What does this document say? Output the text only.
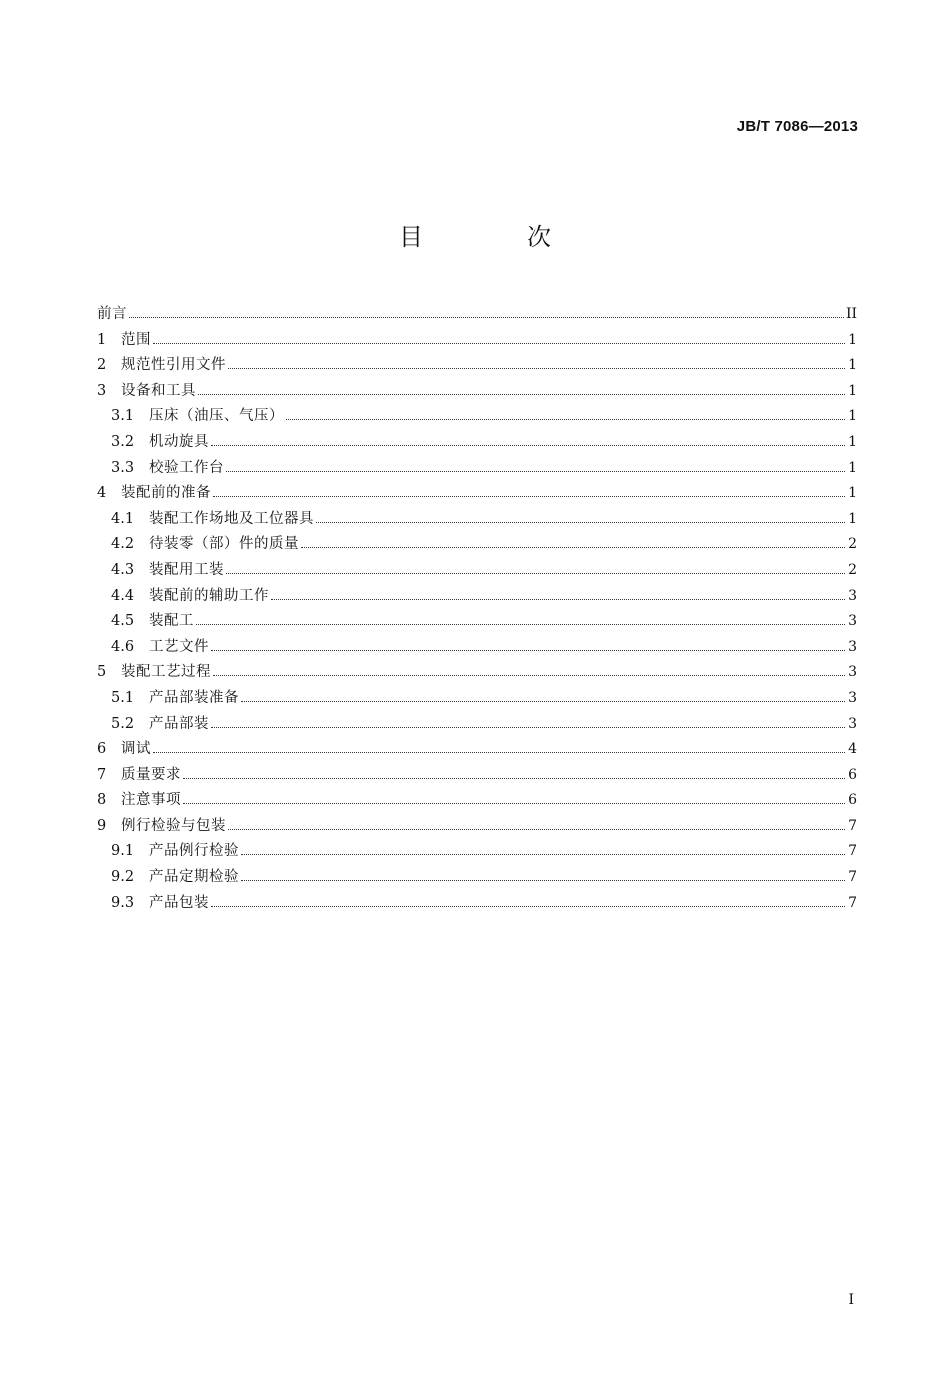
JB/T 7086—2013
目　次
前言	II
1	范围	1
2	规范性引用文件	1
3	设备和工具	1
3.1	压床（油压、气压）	1
3.2	机动旋具	1
3.3	校验工作台	1
4	装配前的准备	1
4.1	装配工作场地及工位器具	1
4.2	待装零（部）件的质量	2
4.3	装配用工装	2
4.4	装配前的辅助工作	3
4.5	装配工	3
4.6	工艺文件	3
5	装配工艺过程	3
5.1	产品部装准备	3
5.2	产品部装	3
6	调试	4
7	质量要求	6
8	注意事项	6
9	例行检验与包装	7
9.1	产品例行检验	7
9.2	产品定期检验	7
9.3	产品包装	7
I
